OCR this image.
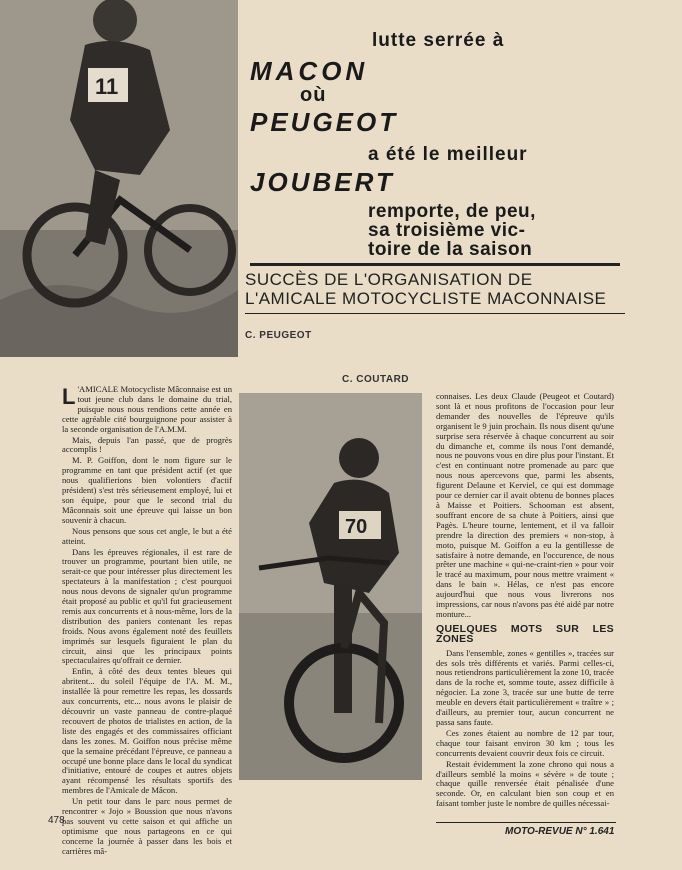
11
lutte serrée à
MACON
où
PEUGEOT
a été le meilleur
JOUBERT
remporte, de peu,
sa troisième vic-
toire de la saison
SUCCÈS DE L'ORGANISATION DE
L'AMICALE MOTOCYCLISTE MACONNAISE
C. PEUGEOT
C. COUTARD

L 'AMICALE Motocycliste Mâconnaise est un tout jeune club dans le domaine du trial, puisque nous nous rendions cette année en cette agréable cité bourguignone pour assister à la seconde organisation de l'A.M.M.

Mais, depuis l'an passé, que de progrès accomplis !

M. P. Goiffon, dont le nom figure sur le programme en tant que président actif (et que nous qualifierions bien volontiers d'actif président) s'est très sérieusement employé, lui et son équipe, pour que le second trial du Mâconnais soit une épreuve qui laisse un bon souvenir à chacun.

Nous pensons que sous cet angle, le but a été atteint.

Dans les épreuves régionales, il est rare de trouver un programme, pourtant bien utile, ne serait-ce que pour intéresser plus directement les spectateurs à la manifestation ; c'est pourquoi nous nous devons de signaler qu'un programme était proposé au public et qu'il fut gracieusement remis aux concurrents et à nous-même, lors de la distribution des paniers contenant les repas froids. Nous avons également noté des feuillets imprimés sur lesquels figuraient le plan du circuit, ainsi que les principaux points spectaculaires qu'offrait ce dernier.

Enfin, à côté des deux tentes bleues qui abritent... du soleil l'équipe de l'A. M. M., installée là pour remettre les repas, les dossards aux concurrents, etc... nous avons le plaisir de découvrir un vaste panneau de contre-plaqué recouvert de photos de trialistes en action, de la liste des engagés et des commissaires officiant dans les zones. M. Goiffon nous précise même que la semaine précédant l'épreuve, ce panneau a occupé une bonne place dans le local du syndicat d'initiative, entouré de coupes et autres objets ayant récompensé les résultats sportifs des membres de l'Amicale de Mâcon.

Un petit tour dans le parc nous permet de rencontrer « Jojo » Boussion que nous n'avons pas souvent vu cette saison et qui affiche un optimisme que nous partageons en ce qui concerne la journée à passer dans les bois et carrières mâ-

70

connaises. Les deux Claude (Peugeot et Coutard) sont là et nous profitons de l'occasion pour leur demander des nouvelles de l'épreuve qu'ils organisent le 9 juin prochain. Ils nous disent qu'une surprise sera réservée à chaque concurrent au soir du dimanche et, comme ils nous l'ont demandé, nous ne pouvons vous en dire plus pour l'instant. Et c'est en continuant notre promenade au parc que nous nous apercevons que, parmi les absents, figurent Delaune et Kerviel, ce qui est dommage pour ce dernier car il avait obtenu de bonnes places à Maisse et Poitiers. Schooman est absent, souffrant encore de sa chute à Poitiers, ainsi que Pagès. L'heure tourne, lentement, et il va falloir prendre la direction des premiers « non-stop, à moto, puisque M. Goiffon a eu la gentillesse de satisfaire à notre demande, en l'occurence, de nous prêter une machine « qui-ne-craint-rien » pour voir le tracé au maximum, pour nous mettre vraiment « dans le bain ». Hélas, ce n'est pas encore aujourd'hui que nous vous livrerons nos impressions, car nous n'avons pas été aidé par notre monture...

QUELQUES MOTS SUR LES ZONES

Dans l'ensemble, zones « gentilles », tracées sur des sols très différents et variés. Parmi celles-ci, nous retiendrons particulièrement la zone 10, tracée dans de la roche et, somme toute, assez difficile à négocier. La zone 3, tracée sur une butte de terre meuble en devers était particulièrement « traître » ; d'ailleurs, au premier tour, aucun concurrent ne passa sans faute.

Ces zones étaient au nombre de 12 par tour, chaque tour faisant environ 30 km ; tous les concurrents devaient couvrir deux fois ce circuit.

Restait évidemment la zone chrono qui nous a d'ailleurs semblé la moins « sévère » de toute ; chaque quille renversée était pénalisée d'une seconde. Or, en calculant bien son coup et en faisant tomber juste le nombre de quilles nécessai-

478
MOTO-REVUE N° 1.641
